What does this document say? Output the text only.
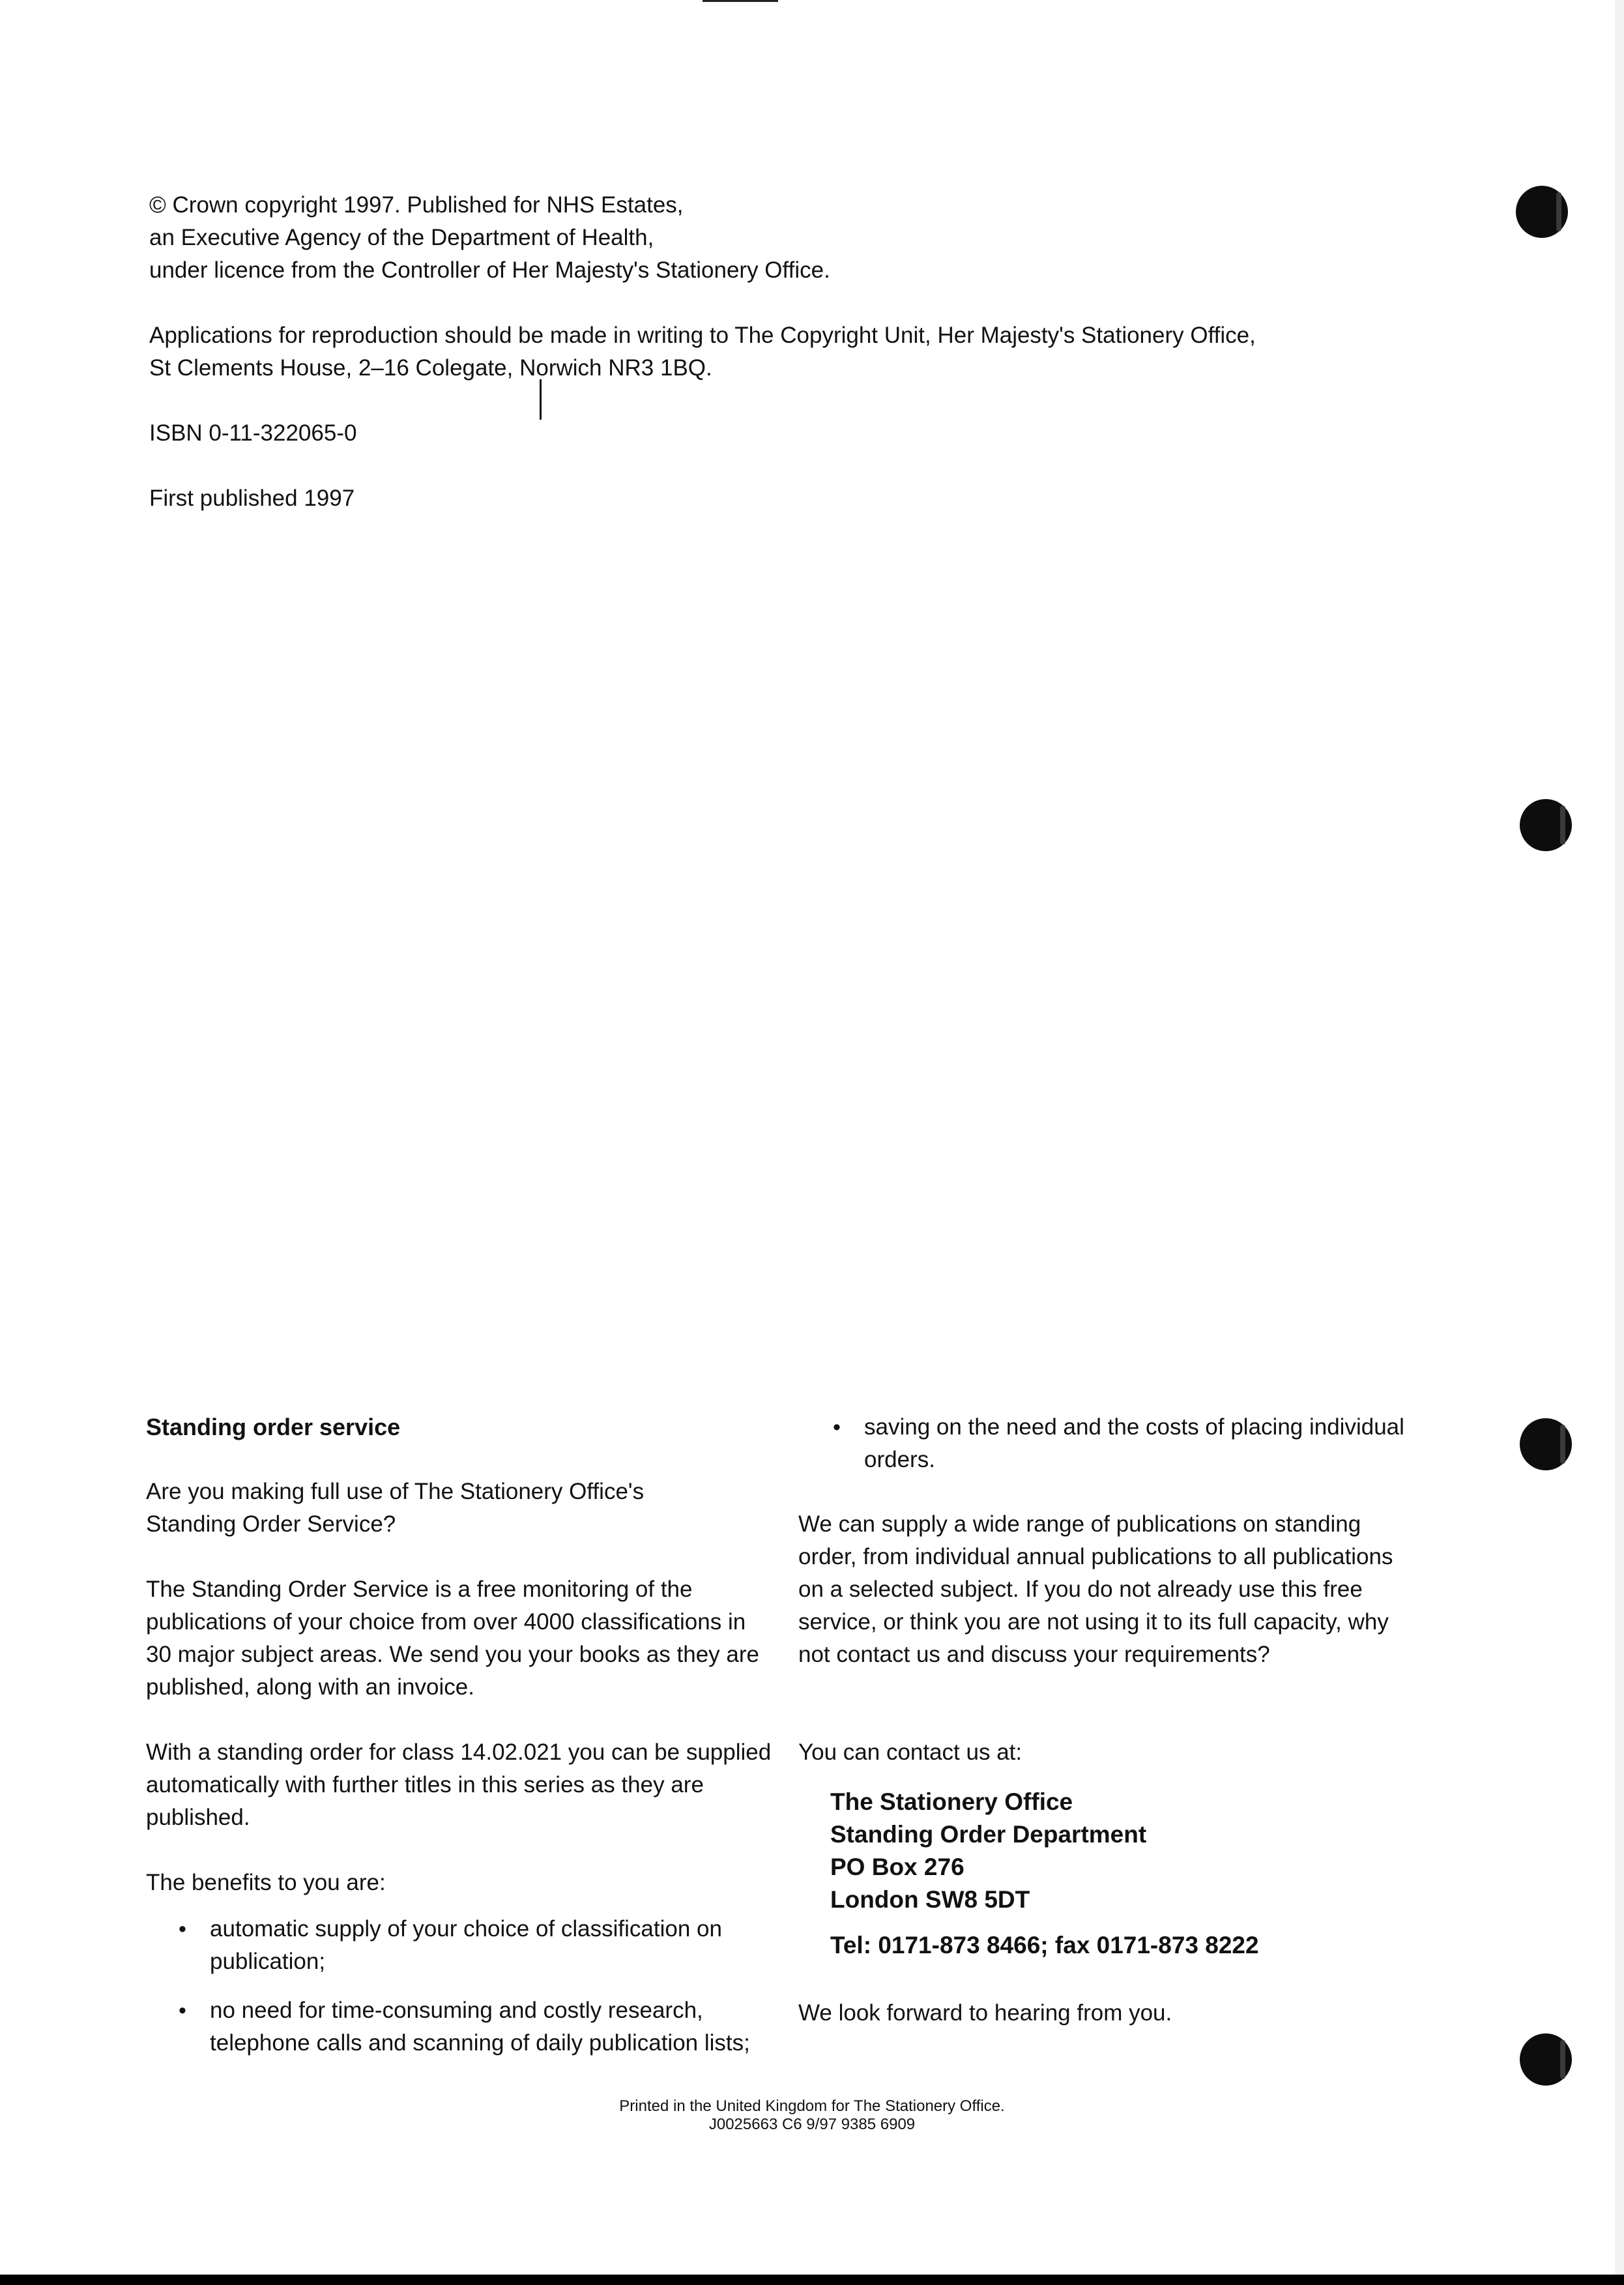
© Crown copyright 1997. Published for NHS Estates,
an Executive Agency of the Department of Health,
under licence from the Controller of Her Majesty's Stationery Office.
Applications for reproduction should be made in writing to The Copyright Unit, Her Majesty's Stationery Office,
St Clements House, 2–16 Colegate, Norwich NR3 1BQ.
ISBN 0-11-322065-0
First published 1997
Standing order service

Are you making full use of The Stationery Office's Standing Order Service?

The Standing Order Service is a free monitoring of the publications of your choice from over 4000 classifications in 30 major subject areas. We send you your books as they are published, along with an invoice.

With a standing order for class 14.02.021 you can be supplied automatically with further titles in this series as they are published.

The benefits to you are:

• automatic supply of your choice of classification on publication;
• no need for time-consuming and costly research, telephone calls and scanning of daily publication lists;
• saving on the need and the costs of placing individual orders.

We can supply a wide range of publications on standing order, from individual annual publications to all publications on a selected subject. If you do not already use this free service, or think you are not using it to its full capacity, why not contact us and discuss your requirements?

You can contact us at:

The Stationery Office
Standing Order Department
PO Box 276
London SW8 5DT
Tel: 0171-873 8466; fax 0171-873 8222

We look forward to hearing from you.

Printed in the United Kingdom for The Stationery Office.
J0025663 C6 9/97 9385 6909
